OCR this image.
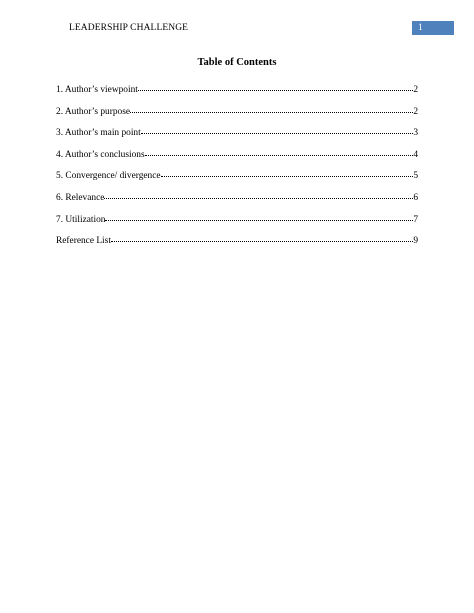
LEADERSHIP CHALLENGE	1
Table of Contents
1. Author’s viewpoint	2
2. Author’s purpose	2
3. Author’s main point	3
4. Author’s conclusions	4
5. Convergence/ divergence	5
6. Relevance	6
7. Utilization	7
Reference List	9
